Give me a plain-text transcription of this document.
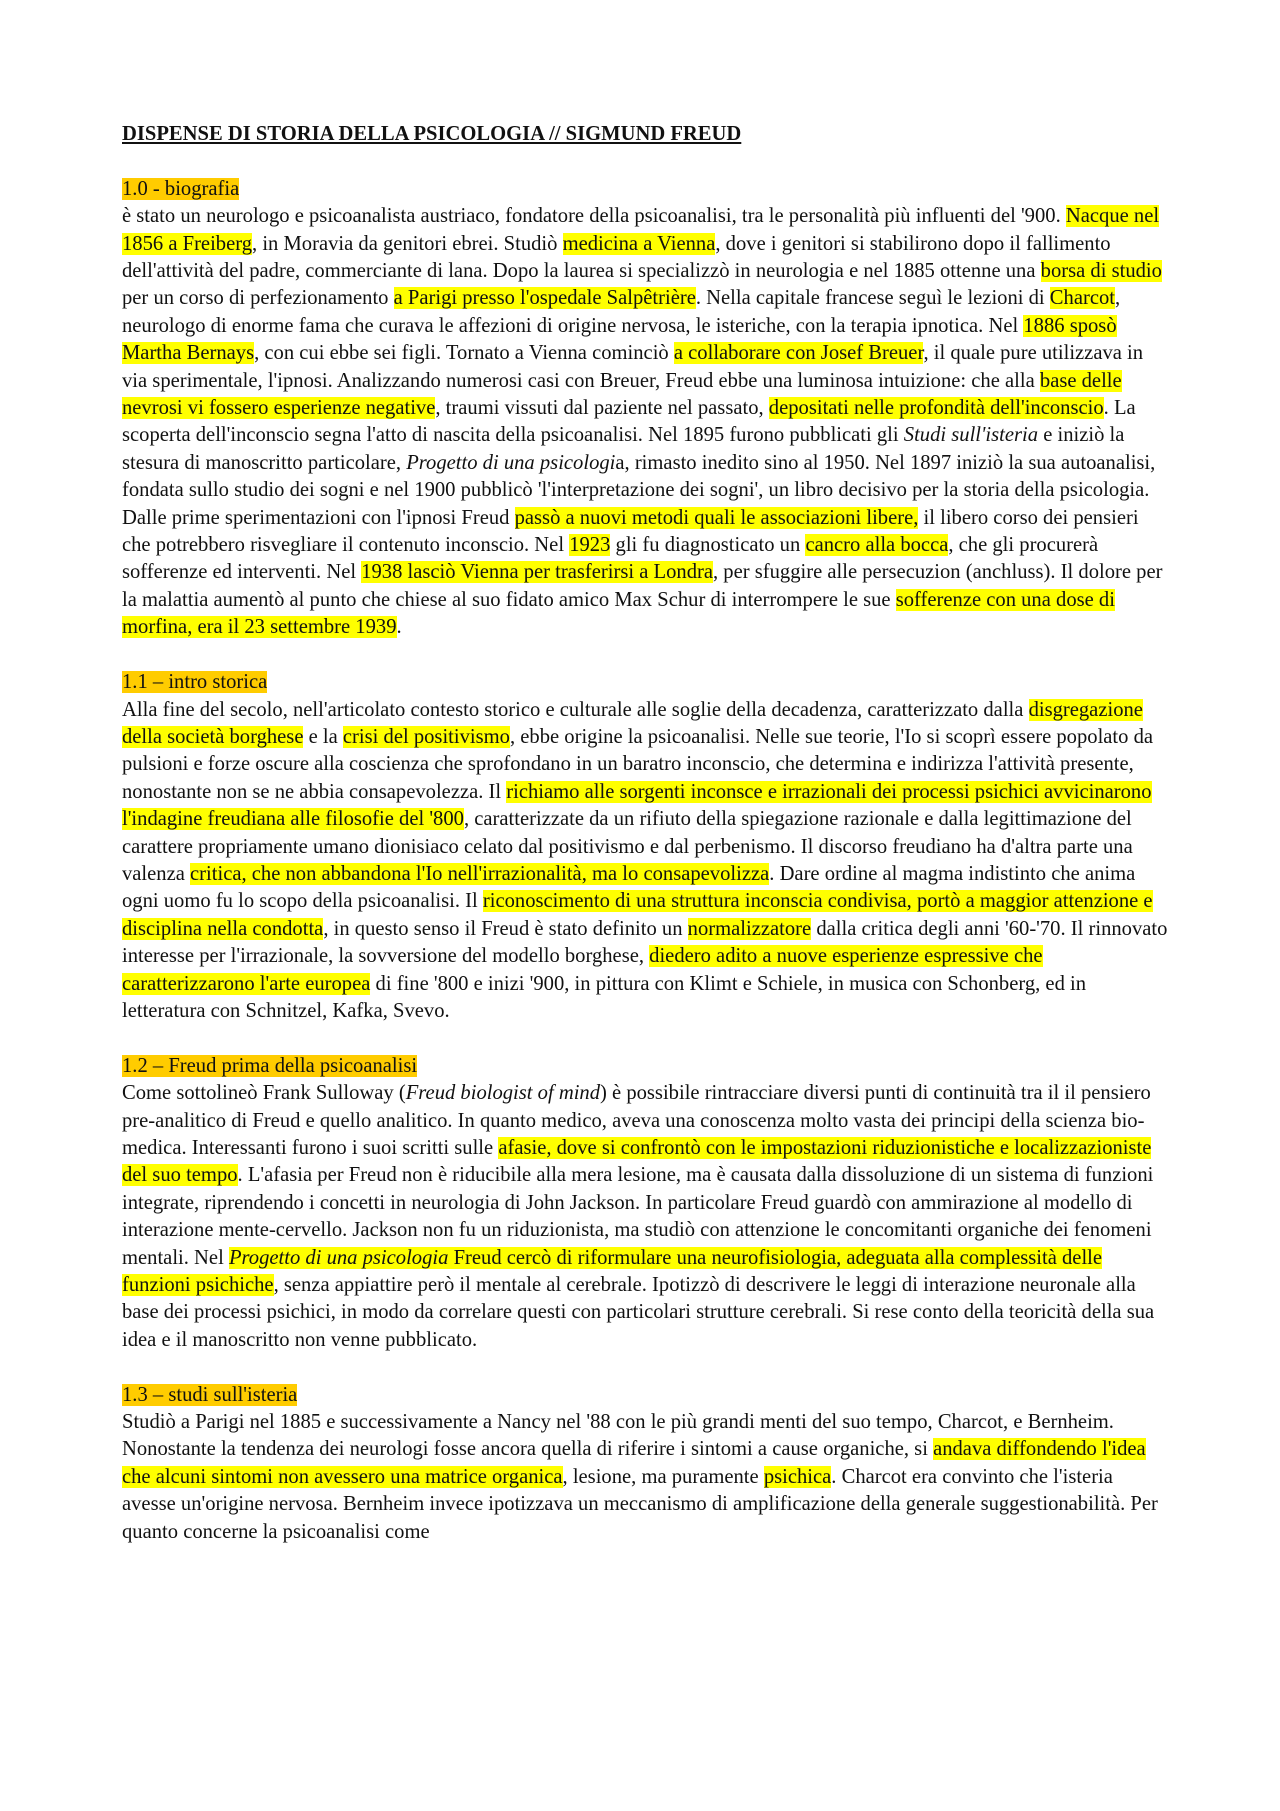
DISPENSE DI STORIA DELLA PSICOLOGIA // SIGMUND FREUD

1.0 - biografia

è stato un neurologo e psicoanalista austriaco, fondatore della psicoanalisi, tra le personalità più influenti del '900. Nacque nel 1856 a Freiberg, in Moravia da genitori ebrei. Studiò medicina a Vienna, dove i genitori si stabilirono dopo il fallimento dell'attività del padre, commerciante di lana. Dopo la laurea si specializzò in neurologia e nel 1885 ottenne una borsa di studio per un corso di perfezionamento a Parigi presso l'ospedale Salpêtrière. Nella capitale francese seguì le lezioni di Charcot, neurologo di enorme fama che curava le affezioni di origine nervosa, le isteriche, con la terapia ipnotica. Nel 1886 sposò Martha Bernays, con cui ebbe sei figli. Tornato a Vienna cominciò a collaborare con Josef Breuer, il quale pure utilizzava in via sperimentale, l'ipnosi. Analizzando numerosi casi con Breuer, Freud ebbe una luminosa intuizione: che alla base delle nevrosi vi fossero esperienze negative, traumi vissuti dal paziente nel passato, depositati nelle profondità dell'inconscio. La scoperta dell'inconscio segna l'atto di nascita della psicoanalisi. Nel 1895 furono pubblicati gli Studi sull'isteria e iniziò la stesura di manoscritto particolare, Progetto di una psicologia, rimasto inedito sino al 1950. Nel 1897 iniziò la sua autoanalisi, fondata sullo studio dei sogni e nel 1900 pubblicò 'l'interpretazione dei sogni', un libro decisivo per la storia della psicologia. Dalle prime sperimentazioni con l'ipnosi Freud passò a nuovi metodi quali le associazioni libere, il libero corso dei pensieri che potrebbero risvegliare il contenuto inconscio. Nel 1923 gli fu diagnosticato un cancro alla bocca, che gli procurerà sofferenze ed interventi. Nel 1938 lasciò Vienna per trasferirsi a Londra, per sfuggire alle persecuzion (anchluss). Il dolore per la malattia aumentò al punto che chiese al suo fidato amico Max Schur di interrompere le sue sofferenze con una dose di morfina, era il 23 settembre 1939.

1.1 – intro storica

Alla fine del secolo, nell'articolato contesto storico e culturale alle soglie della decadenza, caratterizzato dalla disgregazione della società borghese e la crisi del positivismo, ebbe origine la psicoanalisi. Nelle sue teorie, l'Io si scoprì essere popolato da pulsioni e forze oscure alla coscienza che sprofondano in un baratro inconscio, che determina e indirizza l'attività presente, nonostante non se ne abbia consapevolezza. Il richiamo alle sorgenti inconsce e irrazionali dei processi psichici avvicinarono l'indagine freudiana alle filosofie del '800, caratterizzate da un rifiuto della spiegazione razionale e dalla legittimazione del carattere propriamente umano dionisiaco celato dal positivismo e dal perbenismo. Il discorso freudiano ha d'altra parte una valenza critica, che non abbandona l'Io nell'irrazionalità, ma lo consapevolizza. Dare ordine al magma indistinto che anima ogni uomo fu lo scopo della psicoanalisi. Il riconoscimento di una struttura inconscia condivisa, portò a maggior attenzione e disciplina nella condotta, in questo senso il Freud è stato definito un normalizzatore dalla critica degli anni '60-'70. Il rinnovato interesse per l'irrazionale, la sovversione del modello borghese, diedero adito a nuove esperienze espressive che caratterizzarono l'arte europea di fine '800 e inizi '900, in pittura con Klimt e Schiele, in musica con Schonberg, ed in letteratura con Schnitzel, Kafka, Svevo.

1.2 – Freud prima della psicoanalisi

Come sottolineò Frank Sulloway (Freud biologist of mind) è possibile rintracciare diversi punti di continuità tra il il pensiero pre-analitico di Freud e quello analitico. In quanto medico, aveva una conoscenza molto vasta dei principi della scienza bio-medica. Interessanti furono i suoi scritti sulle afasie, dove si confrontò con le impostazioni riduzionistiche e localizzazioniste del suo tempo. L'afasia per Freud non è riducibile alla mera lesione, ma è causata dalla dissoluzione di un sistema di funzioni integrate, riprendendo i concetti in neurologia di John Jackson. In particolare Freud guardò con ammirazione al modello di interazione mente-cervello. Jackson non fu un riduzionista, ma studiò con attenzione le concomitanti organiche dei fenomeni mentali. Nel Progetto di una psicologia Freud cercò di riformulare una neurofisiologia, adeguata alla complessità delle funzioni psichiche, senza appiattire però il mentale al cerebrale. Ipotizzò di descrivere le leggi di interazione neuronale alla base dei processi psichici, in modo da correlare questi con particolari strutture cerebrali. Si rese conto della teoricità della sua idea e il manoscritto non venne pubblicato.

1.3 – studi sull'isteria

Studiò a Parigi nel 1885 e successivamente a Nancy nel '88 con le più grandi menti del suo tempo, Charcot, e Bernheim. Nonostante la tendenza dei neurologi fosse ancora quella di riferire i sintomi a cause organiche, si andava diffondendo l'idea che alcuni sintomi non avessero una matrice organica, lesione, ma puramente psichica. Charcot era convinto che l'isteria avesse un'origine nervosa. Bernheim invece ipotizzava un meccanismo di amplificazione della generale suggestionabilità. Per quanto concerne la psicoanalisi come
